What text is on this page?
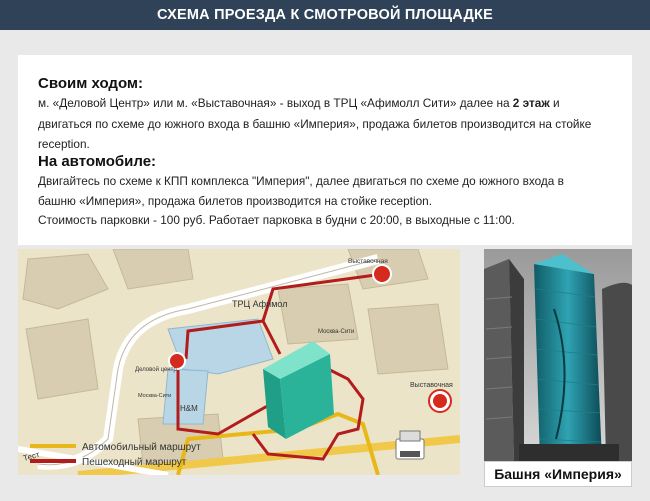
СХЕМА ПРОЕЗДА К СМОТРОВОЙ ПЛОЩАДКЕ
Своим ходом:
м. «Деловой Центр» или м. «Выставочная» - выход в ТРЦ «Афимолл Сити» далее на 2 этаж и
двигаться по схеме до южного входа в башню «Империя», продажа билетов производится на стойке
reception.
На автомобиле:
Двигайтесь по схеме к КПП комплекса "Империя", далее двигаться по схеме до южного входа в
башню «Империя», продажа билетов производится на стойке reception.
Стоимость парковки - 100 руб. Работает парковка в будни с 20:00, в выходные с 11:00.
ТРЦ Афимол
Выставочная
Выставочная
Деловой центр
Москва-Сити
H&M
Москва-Сити
Тест
Автомобильный маршрут
Пешеходный маршрут
Башня «Империя»
